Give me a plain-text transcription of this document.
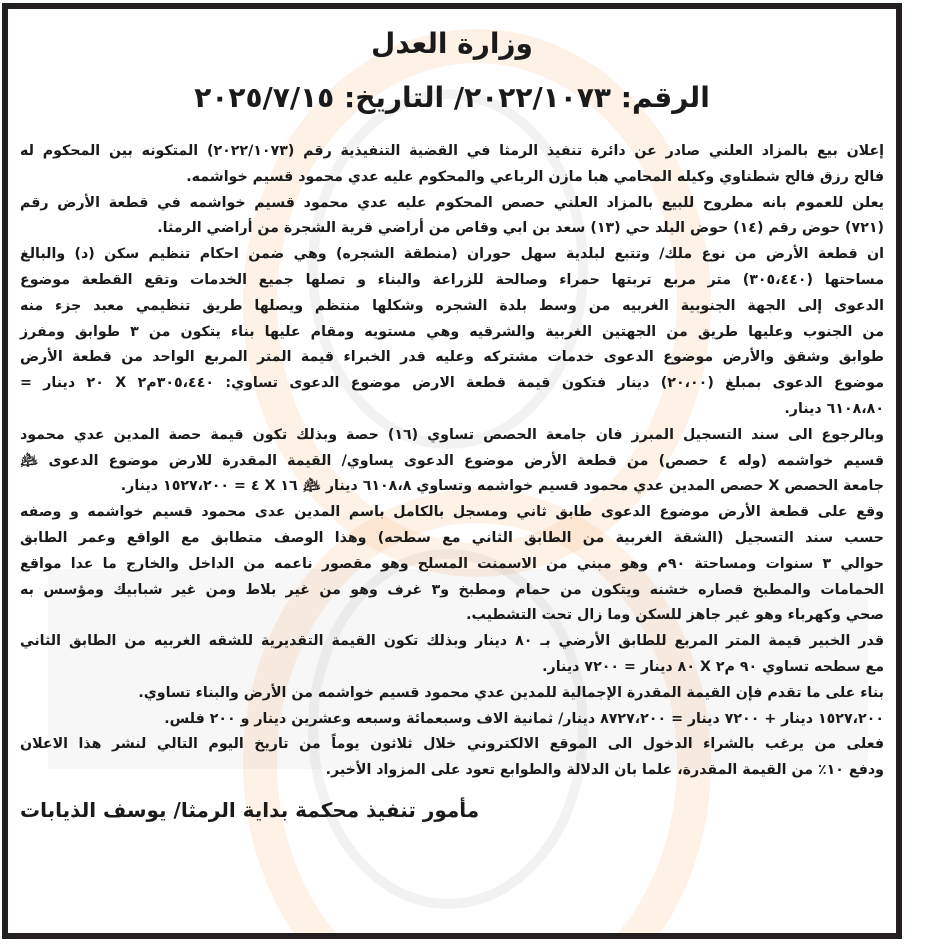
وزارة العدل
الرقم: ٢٠٢٢/١٠٧٣/ التاريخ: ٢٠٢٥/٧/١٥
إعلان بيع بالمزاد العلني صادر عن دائرة تنفيذ الرمثا في القضية التنفيذية رقم (٢٠٢٢/١٠٧٣) المتكونه بين المحكوم له
فالح رزق فالح شطناوي وكيله المحامي هبا مازن الرباعي والمحكوم عليه عدي محمود قسيم خواشمه.
يعلن للعموم بانه مطروح للبيع بالمزاد العلني حصص المحكوم عليه عدي محمود قسيم خواشمه في قطعة الأرض رقم
(٧٢١) حوض رقم (١٤) حوض البلد حي (١٣) سعد بن ابي وقاص من أراضي قرية الشجرة من أراضي الرمثا.
ان قطعة الأرض من نوع ملك/ وتتبع لبلدية سهل حوران (منطقة الشجره) وهي ضمن احكام تنظيم سكن (د) والبالغ
مساحتها (٣٠٥،٤٤٠) متر مربع تربتها حمراء وصالحة للزراعة والبناء و تصلها جميع الخدمات وتقع القطعة موضوع
الدعوى إلى الجهة الجنوبية الغربيه من وسط بلدة الشجره وشكلها منتظم ويصلها طريق تنظيمي معبد جزء منه
من الجنوب وعليها طريق من الجهتين الغربية والشرقيه وهي مستويه ومقام عليها بناء يتكون من ٣ طوابق ومفرز
طوابق وشقق والأرض موضوع الدعوى خدمات مشتركه وعليه قدر الخبراء قيمة المتر المربع الواحد من قطعة الأرض
موضوع الدعوى بمبلغ (٢٠،٠٠) دينار فتكون قيمة قطعة الارض موضوع الدعوى تساوي: ٣٠٥،٤٤٠م٢ X ٢٠ دينار =
٦١٠٨،٨٠ دينار.
وبالرجوع الى سند التسجيل المبرز فان جامعة الحصص تساوي (١٦) حصة وبذلك تكون قيمة حصة المدين عدي محمود
قسيم خواشمه (وله ٤ حصص) من قطعة الأرض موضوع الدعوى يساوي/ القيمة المقدرة للارض موضوع الدعوى ﵇
جامعة الحصص X حصص المدين عدي محمود قسيم خواشمه وتساوي ٦١٠٨،٨ دينار ﵇ ١٦ X ٤ = ١٥٢٧،٢٠٠ دينار.
وقع على قطعة الأرض موضوع الدعوى طابق ثاني ومسجل بالكامل باسم المدين عدى محمود قسيم خواشمه و وصفه
حسب سند التسجيل (الشقة الغربية من الطابق الثاني مع سطحه) وهذا الوصف متطابق مع الواقع وعمر الطابق
حوالي ٣ سنوات ومساحتة ٩٠م وهو مبني من الاسمنت المسلح وهو مقصور ناعمه من الداخل والخارج ما عدا مواقع
الحمامات والمطبخ قصاره خشنه ويتكون من حمام ومطبخ و٣ غرف وهو من غير بلاط ومن غير شبابيك ومؤسس به
صحي وكهرباء وهو غير جاهز للسكن وما زال تحت التشطيب.
قدر الخبير قيمة المتر المربع للطابق الأرضي بـ ٨٠ دينار وبذلك تكون القيمة التقديرية للشقه الغربيه من الطابق الثاني
مع سطحه تساوي ٩٠ م٢ X ٨٠ دينار = ٧٢٠٠ دينار.
بناء على ما تقدم فإن القيمة المقدرة الإجمالية للمدين عدي محمود قسيم خواشمه من الأرض والبناء تساوي.
١٥٢٧،٢٠٠ دينار + ٧٢٠٠ دينار = ٨٧٢٧،٢٠٠ دينار/ ثمانية الاف وسبعمائة وسبعه وعشرين دينار و ٢٠٠ فلس.
فعلى من يرغب بالشراء الدخول الى الموقع الالكتروني خلال ثلاثون يوماً من تاريخ اليوم التالي لنشر هذا الاعلان
ودفع ١٠٪ من القيمة المقدرة، علما بان الدلالة والطوابع تعود على المزواد الأخير.
مأمور تنفيذ محكمة بداية الرمثا/ يوسف الذيابات
